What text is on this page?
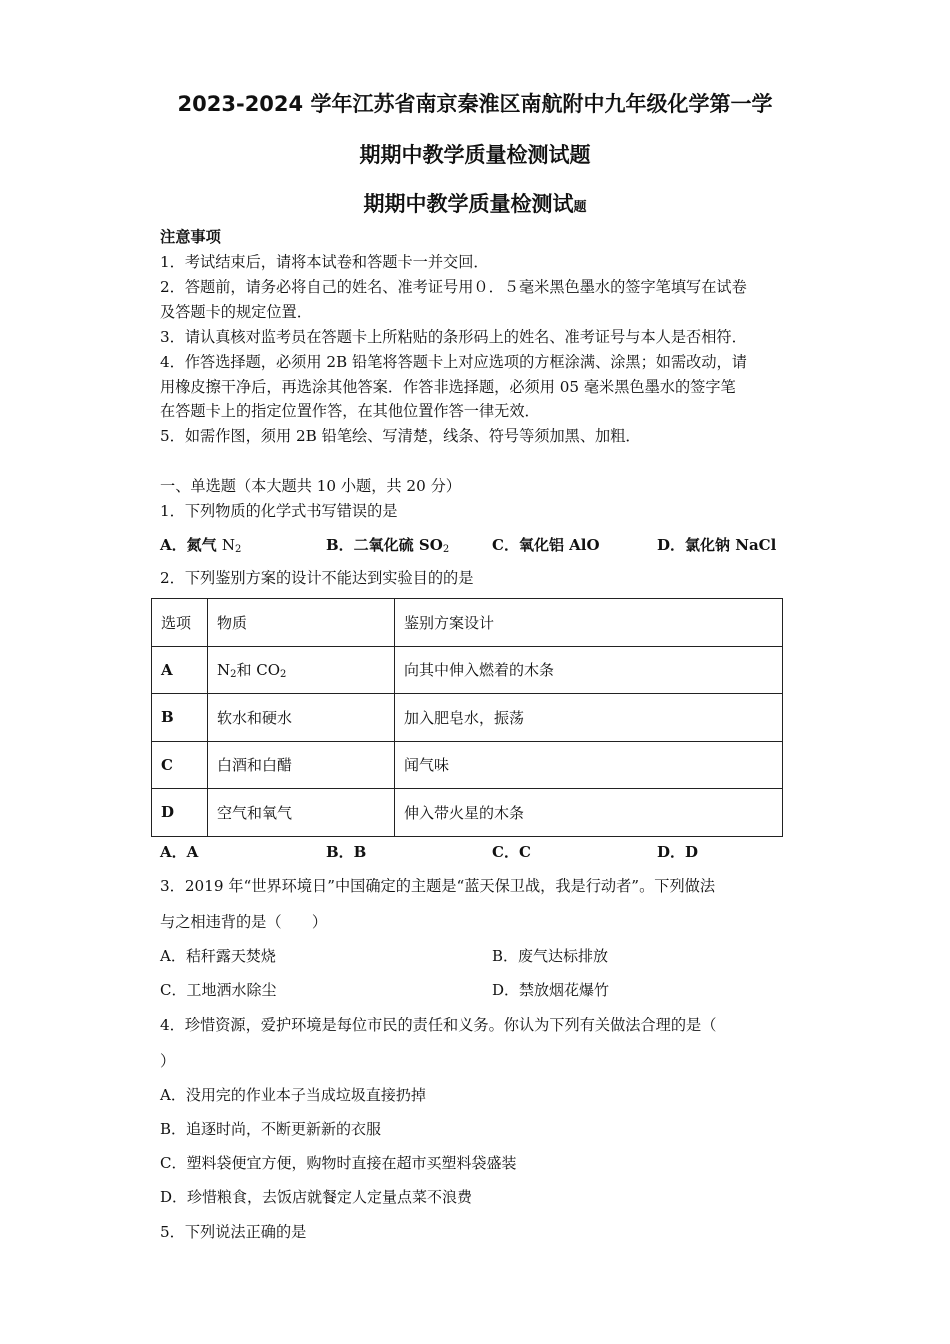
2023-2024 学年江苏省南京秦淮区南航附中九年级化学第一学
期期中教学质量检测试题
期期中教学质量检测试题
注意事项
1．考试结束后，请将本试卷和答题卡一并交回．
2．答题前，请务必将自己的姓名、准考证号用０．５毫米黑色墨水的签字笔填写在试卷
及答题卡的规定位置．
3．请认真核对监考员在答题卡上所粘贴的条形码上的姓名、准考证号与本人是否相符．
4．作答选择题，必须用 2B 铅笔将答题卡上对应选项的方框涂满、涂黑；如需改动，请
用橡皮擦干净后，再选涂其他答案．作答非选择题，必须用 05 毫米黑色墨水的签字笔
在答题卡上的指定位置作答，在其他位置作答一律无效．
5．如需作图，须用 2B 铅笔绘、写清楚，线条、符号等须加黑、加粗．
一、单选题（本大题共 10 小题，共 20 分）
1．下列物质的化学式书写错误的是
A．氮气 $N_2$	B．二氧化硫 $SO_2$	C．氧化铝 AlO	D．氯化钠 NaCl
2．下列鉴别方案的设计不能达到实验目的的是
选项	物质	鉴别方案设计
A	$N_2$和 $CO_2$	向其中伸入燃着的木条
B	软水和硬水	加入肥皂水，振荡
C	白酒和白醋	闻气味
D	空气和氧气	伸入带火星的木条
A．A	B．B	C．C	D．D
3．2019 年“世界环境日”中国确定的主题是“蓝天保卫战，我是行动者”。下列做法
与之相违背的是（　　）
A．秸秆露天焚烧	B．废气达标排放
C．工地洒水除尘	D．禁放烟花爆竹
4．珍惜资源，爱护环境是每位市民的责任和义务。你认为下列有关做法合理的是（
）
A．没用完的作业本子当成垃圾直接扔掉
B．追逐时尚，不断更新新的衣服
C．塑料袋便宜方便，购物时直接在超市买塑料袋盛装
D．珍惜粮食，去饭店就餐定人定量点菜不浪费
5．下列说法正确的是
